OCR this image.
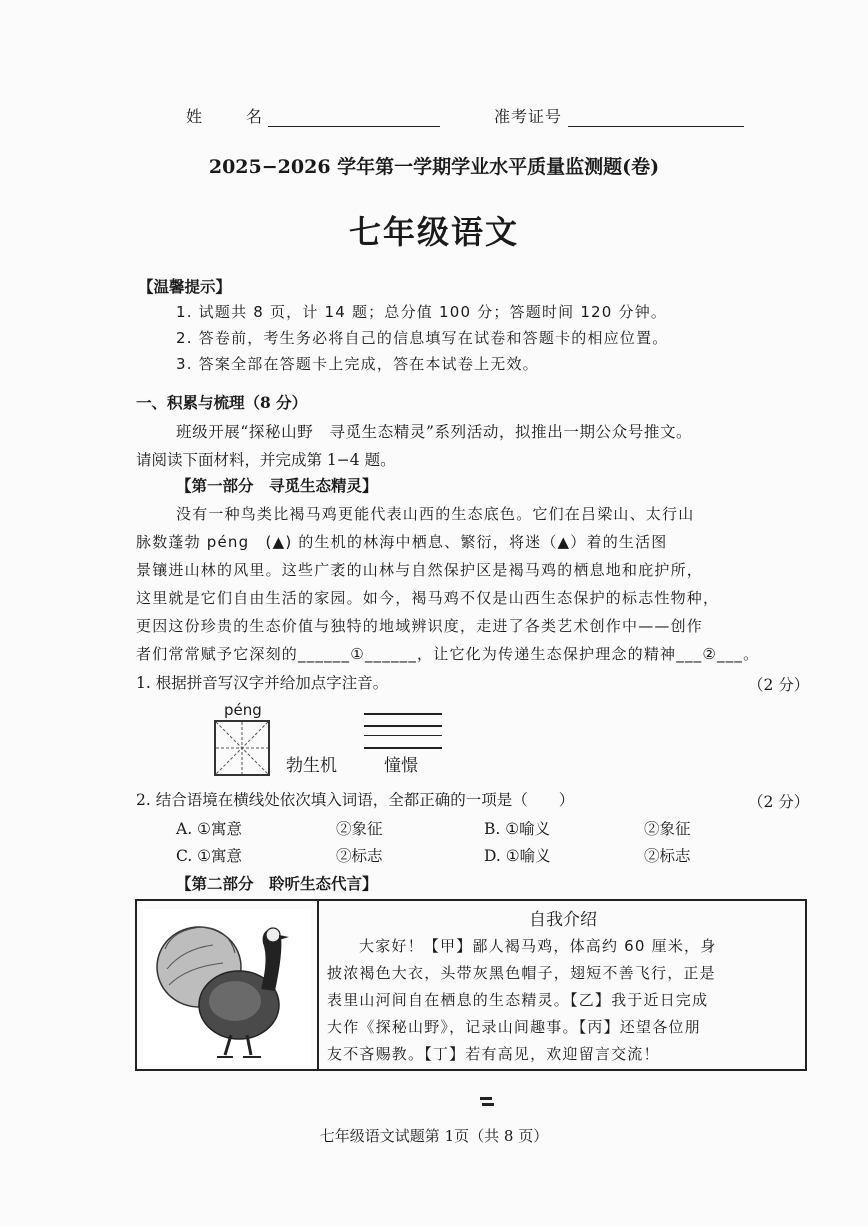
姓　名	准考证号
2025−2026 学年第一学期学业水平质量监测题(卷)
七年级语文
【温馨提示】
1. 试题共 8 页，计 14 题；总分值 100 分；答题时间 120 分钟。
2. 答卷前，考生务必将自己的信息填写在试卷和答题卡的相应位置。
3. 答案全部在答题卡上完成，答在本试卷上无效。
一、积累与梳理（8 分）
班级开展“探秘山野　寻觅生态精灵”系列活动，拟推出一期公众号推文。
请阅读下面材料，并完成第 1−4 题。
【第一部分　寻觅生态精灵】
没有一种鸟类比褐马鸡更能代表山西的生态底色。它们在吕梁山、太行山
脉数蓬勃 péng　(▲) 的生机的林海中栖息、繁衍，将迷（▲）着的生活图
景镶进山林的风里。这些广袤的山林与自然保护区是褐马鸡的栖息地和庇护所，
这里就是它们自由生活的家园。如今，褐马鸡不仅是山西生态保护的标志性物种，
更因这份珍贵的生态价值与独特的地域辨识度，走进了各类艺术创作中——创作
者们常常赋予它深刻的______①______，让它化为传递生态保护理念的精神___②___。
1. 根据拼音写汉字并给加点字注音。	（2 分）
péng
勃生机	憧憬
2. 结合语境在横线处依次填入词语，全都正确的一项是（　　）	（2 分）
A. ①寓意	②象征	B. ①喻义	②象征
C. ①寓意	②标志	D. ①喻义	②标志
【第二部分　聆听生态代言】
自我介绍
大家好！【甲】鄙人褐马鸡，体高约 60 厘米，身
披浓褐色大衣，头带灰黑色帽子，翅短不善飞行，正是
表里山河间自在栖息的生态精灵。【乙】我于近日完成
大作《探秘山野》，记录山间趣事。【丙】还望各位朋
友不吝赐教。【丁】若有高见，欢迎留言交流！
七年级语文试题第 1页（共 8 页）
